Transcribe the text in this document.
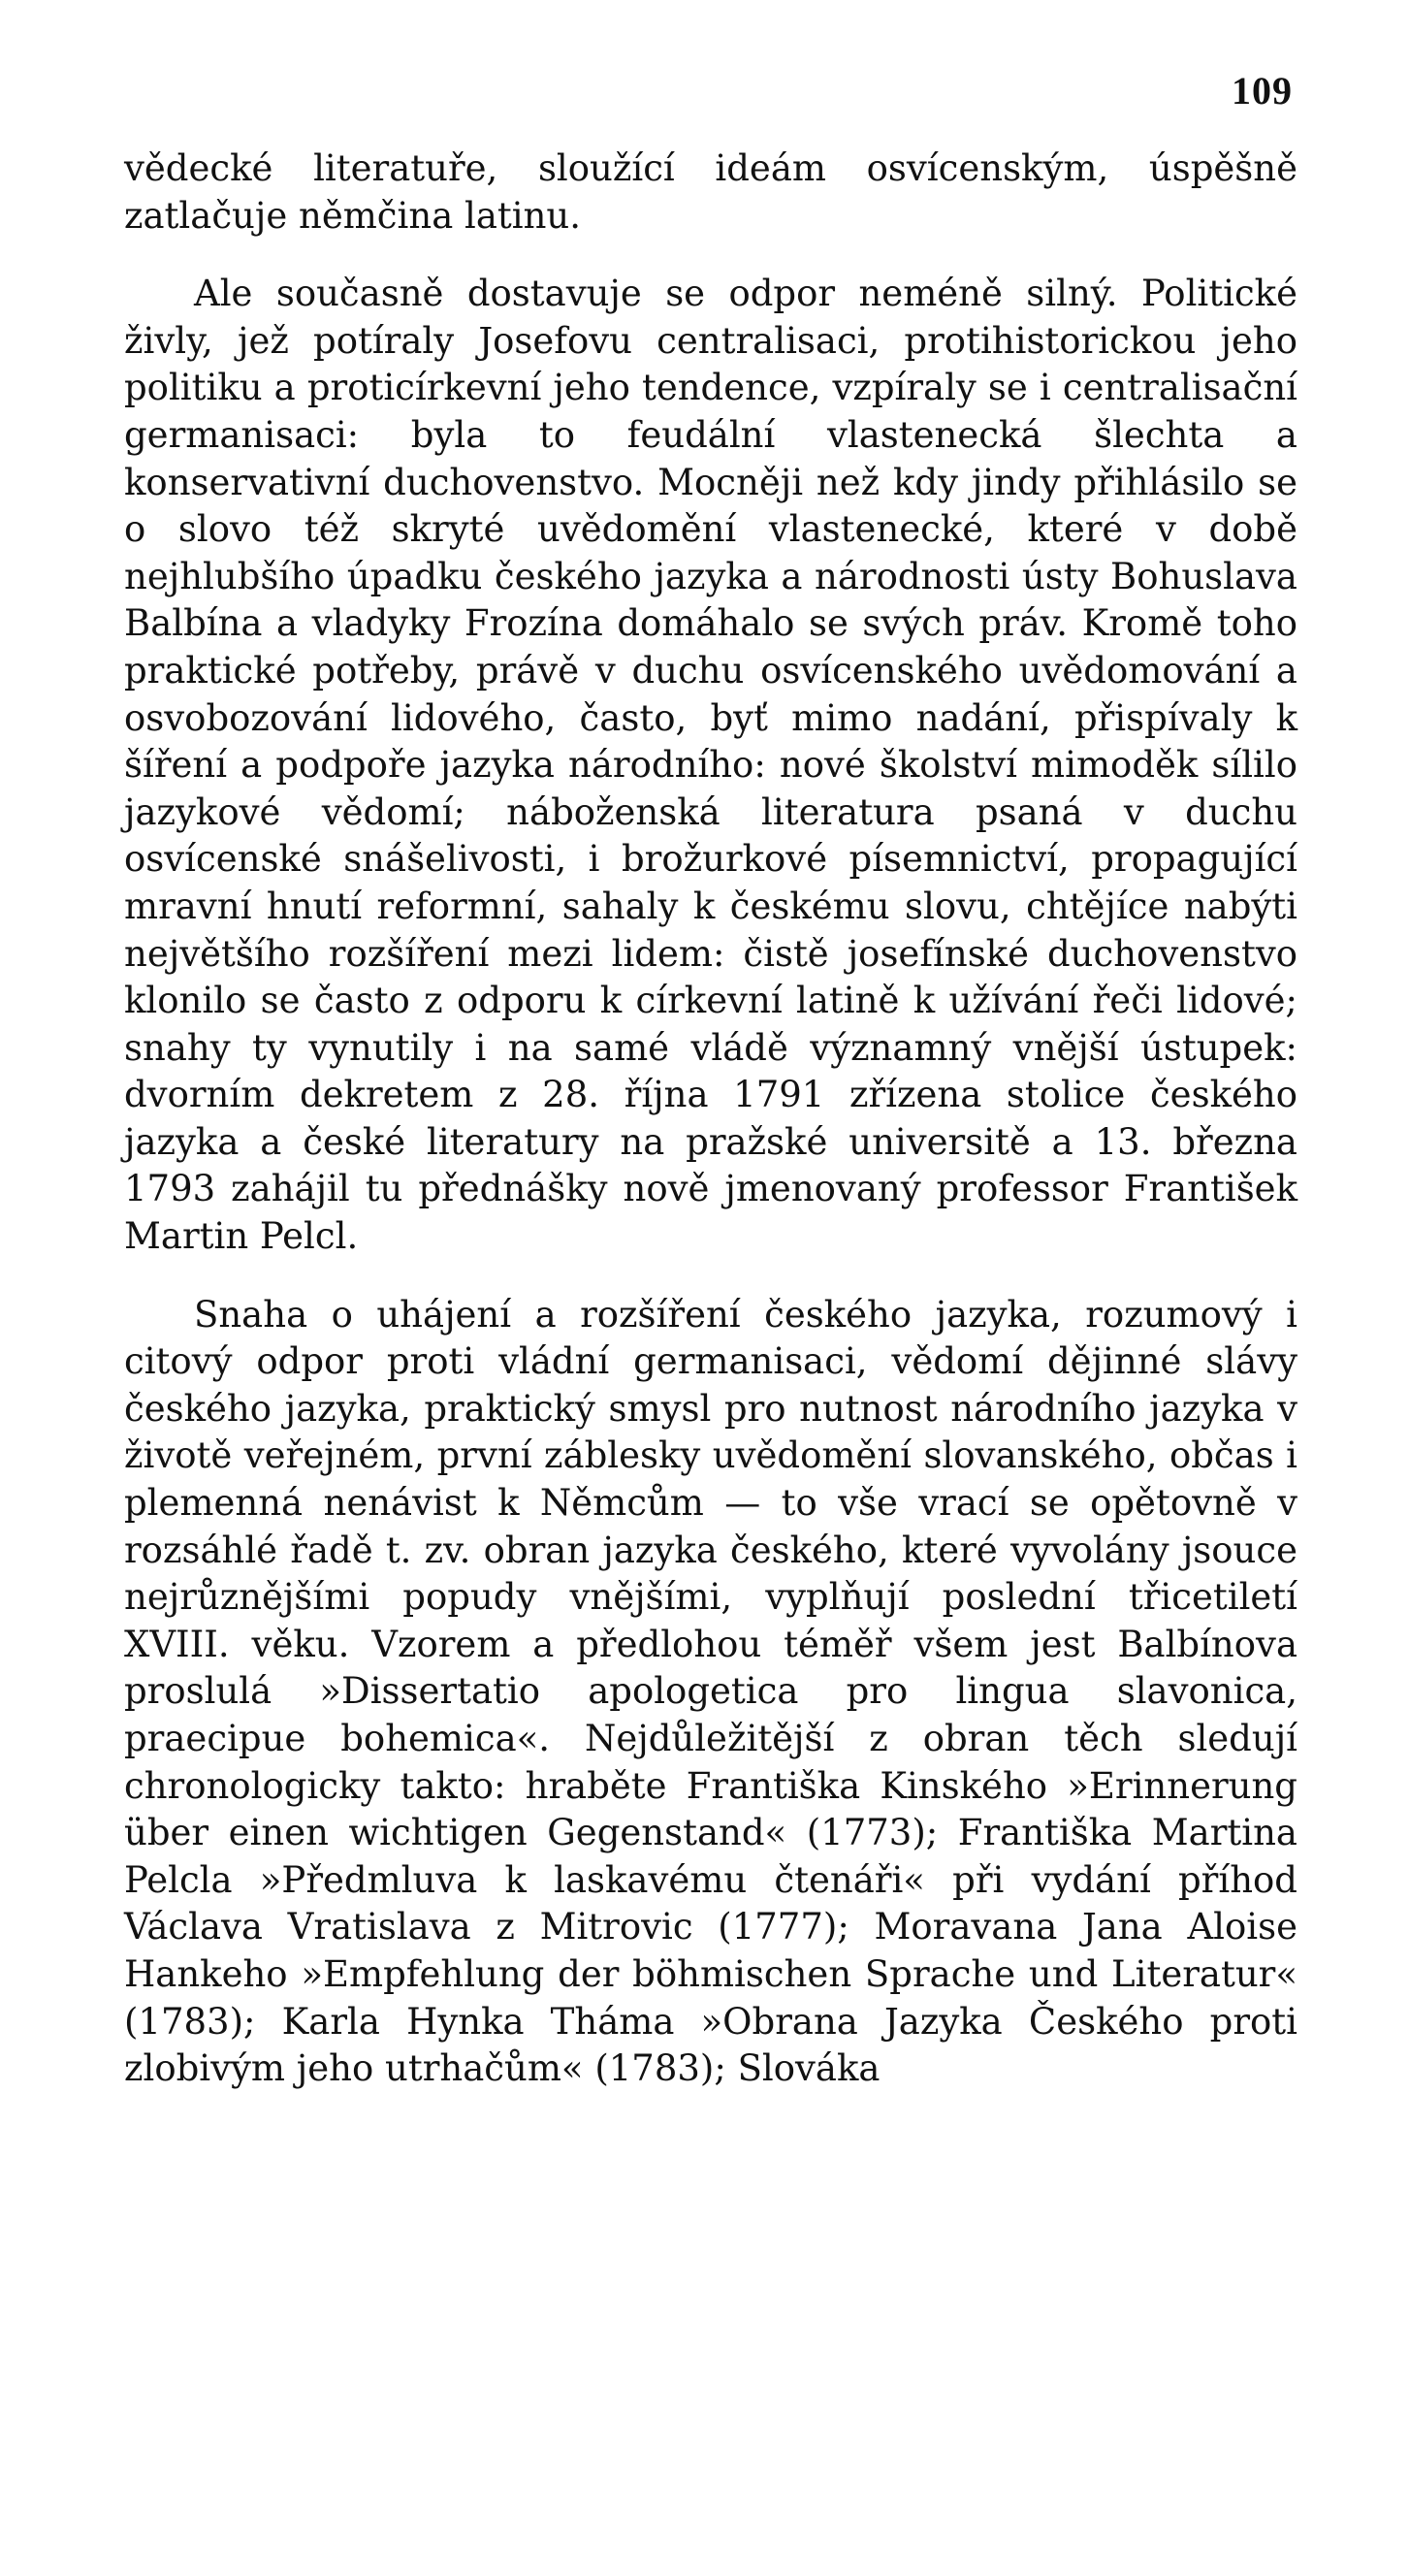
109

vědecké literatuře, sloužící ideám osvícenským, úspěšně zatlačuje němčina latinu.

Ale současně dostavuje se odpor neméně silný. Politické živly, jež potíraly Josefovu centralisaci, protihistorickou jeho politiku a proticírkevní jeho tendence, vzpíraly se i centralisační germanisaci: byla to feudální vlastenecká šlechta a konservativní duchovenstvo. Mocněji než kdy jindy přihlásilo se o slovo též skryté uvědomění vlastenecké, které v době nejhlubšího úpadku českého jazyka a národnosti ústy Bohuslava Balbína a vladyky Frozína domáhalo se svých práv. Kromě toho praktické potřeby, právě v duchu osvícenského uvědomování a osvobozování lidového, často, byť mimo nadání, přispívaly k šíření a podpoře jazyka národního: nové školství mimoděk sílilo jazykové vědomí; náboženská literatura psaná v duchu osvícenské snášelivosti, i brožurkové písemnictví, propagující mravní hnutí reformní, sahaly k českému slovu, chtějíce nabýti největšího rozšíření mezi lidem: čistě josefínské duchovenstvo klonilo se často z odporu k církevní latině k užívání řeči lidové; snahy ty vynutily i na samé vládě významný vnější ústupek: dvorním dekretem z 28. října 1791 zřízena stolice českého jazyka a české literatury na pražské universitě a 13. března 1793 zahájil tu přednášky nově jmenovaný professor František Martin Pelcl.

Snaha o uhájení a rozšíření českého jazyka, rozumový i citový odpor proti vládní germanisaci, vědomí dějinné slávy českého jazyka, praktický smysl pro nutnost národního jazyka v životě veřejném, první záblesky uvědomění slovanského, občas i plemenná nenávist k Němcům — to vše vrací se opětovně v rozsáhlé řadě t. zv. obran jazyka českého, které vyvolány jsouce nejrůznějšími popudy vnějšími, vyplňují poslední třicetiletí XVIII. věku. Vzorem a předlohou téměř všem jest Balbínova proslulá »Dissertatio apologetica pro lingua slavonica, praecipue bohemica«. Nejdůležitější z obran těch sledují chronologicky takto: hraběte Františka Kinského »Erinnerung über einen wichtigen Gegenstand« (1773); Františka Martina Pelcla »Předmluva k laskavému čtenáři« při vydání příhod Václava Vratislava z Mitrovic (1777); Moravana Jana Aloise Hankeho »Empfehlung der böhmischen Sprache und Literatur« (1783); Karla Hynka Tháma »Obrana Jazyka Českého proti zlobivým jeho utrhačům« (1783); Slováka
